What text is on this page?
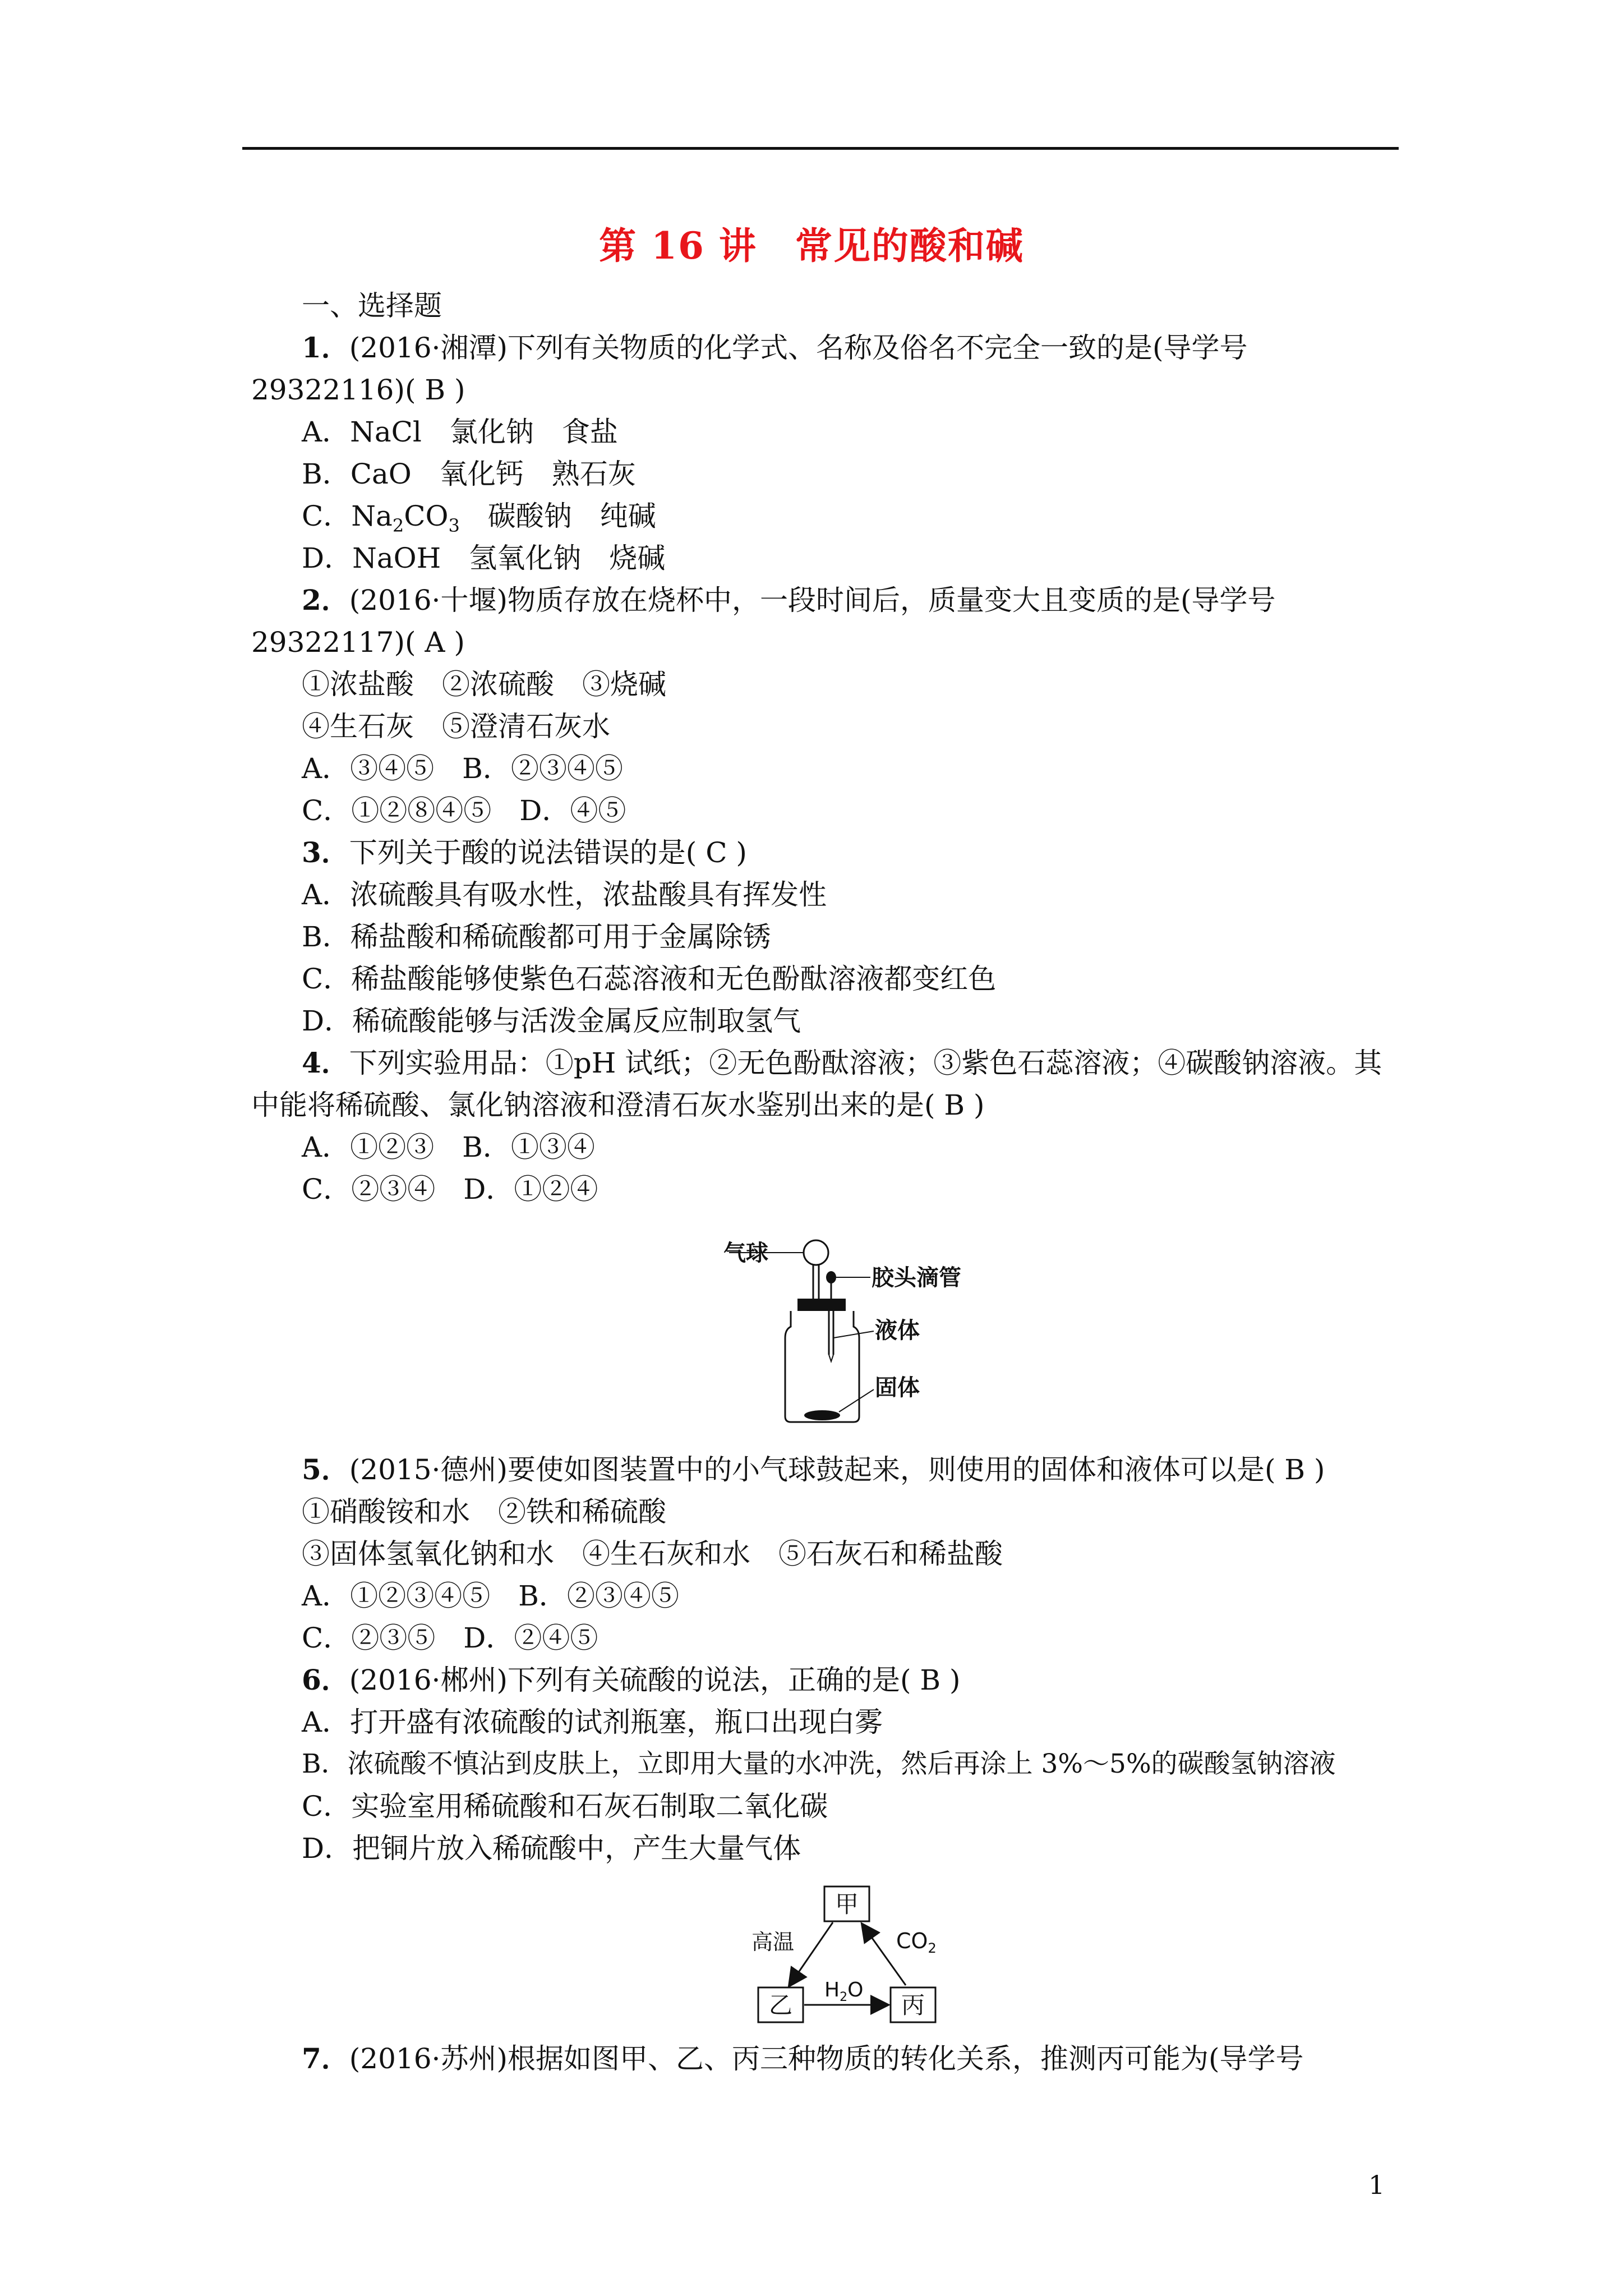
第 16 讲　常见的酸和碱
一、选择题
1．(2016·湘潭)下列有关物质的化学式、名称及俗名不完全一致的是(导学号
29322116)( B )
A．NaCl　氯化钠　食盐
B．CaO　氧化钙　熟石灰
C．$Na_2CO_3$　碳酸钠　纯碱
D．NaOH　氢氧化钠　烧碱
2．(2016·十堰)物质存放在烧杯中，一段时间后，质量变大且变质的是(导学号
29322117)( A )
①浓盐酸　②浓硫酸　③烧碱
④生石灰　⑤澄清石灰水
A．③④⑤　B．②③④⑤
C．①②⑧④⑤　D．④⑤
3．下列关于酸的说法错误的是( C )
A．浓硫酸具有吸水性，浓盐酸具有挥发性
B．稀盐酸和稀硫酸都可用于金属除锈
C．稀盐酸能够使紫色石蕊溶液和无色酚酞溶液都变红色
D．稀硫酸能够与活泼金属反应制取氢气
4．下列实验用品：①pH 试纸；②无色酚酞溶液；③紫色石蕊溶液；④碳酸钠溶液。其
中能将稀硫酸、氯化钠溶液和澄清石灰水鉴别出来的是( B )
A．①②③　B．①③④
C．②③④　D．①②④
气球
胶头滴管
液体
固体
5．(2015·德州)要使如图装置中的小气球鼓起来，则使用的固体和液体可以是( B )
①硝酸铵和水　②铁和稀硫酸
③固体氢氧化钠和水　④生石灰和水　⑤石灰石和稀盐酸
A．①②③④⑤　B．②③④⑤
C．②③⑤　D．②④⑤
6．(2016·郴州)下列有关硫酸的说法，正确的是( B )
A．打开盛有浓硫酸的试剂瓶塞，瓶口出现白雾
B．浓硫酸不慎沾到皮肤上，立即用大量的水冲洗，然后再涂上 3%～5%的碳酸氢钠溶液
C．实验室用稀硫酸和石灰石制取二氧化碳
D．把铜片放入稀硫酸中，产生大量气体
甲
乙	丙
高温	$CO_2$
$H_2O$
7．(2016·苏州)根据如图甲、乙、丙三种物质的转化关系，推测丙可能为(导学号
1
